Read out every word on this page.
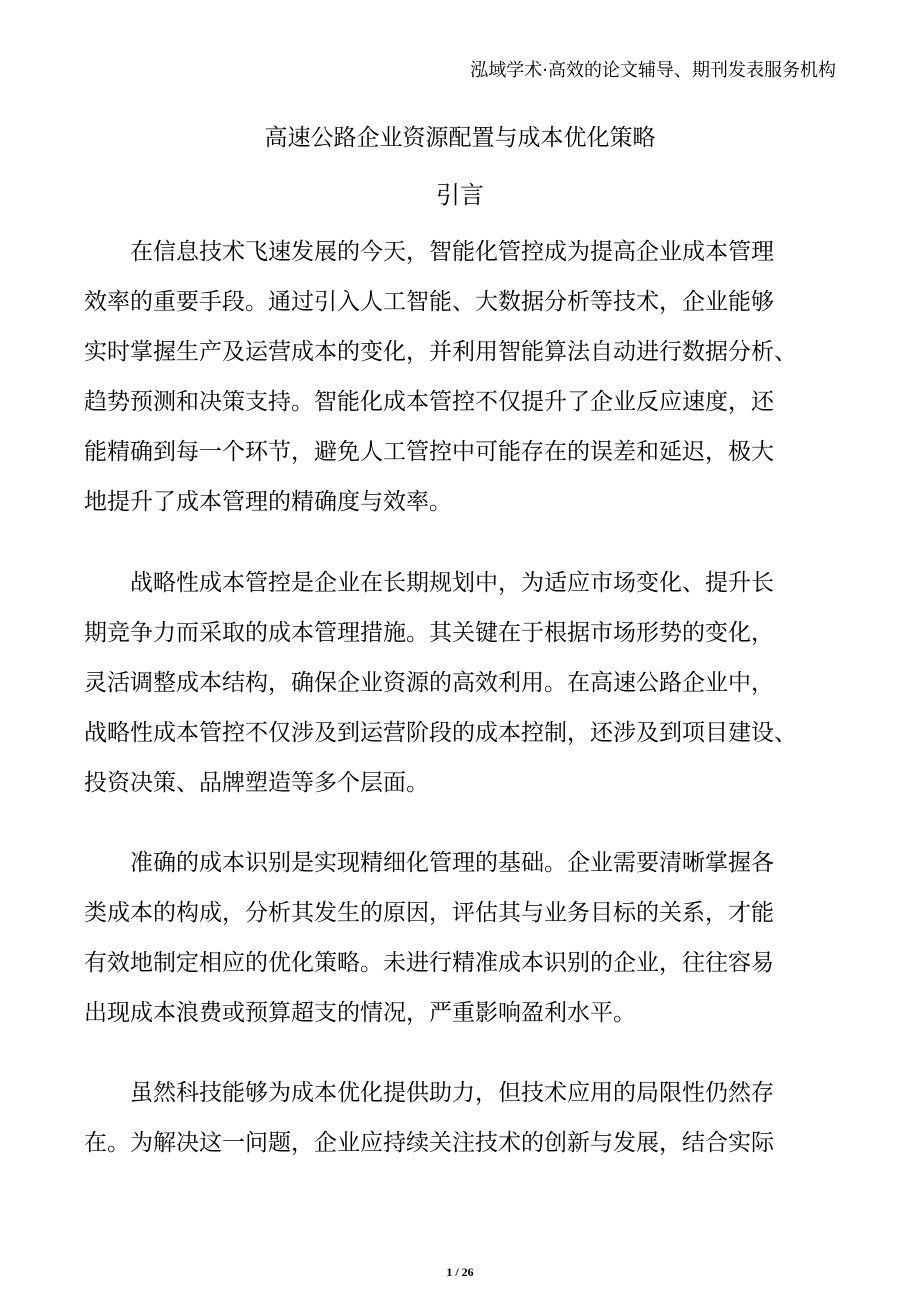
泓域学术·高效的论文辅导、期刊发表服务机构
高速公路企业资源配置与成本优化策略
引言
在信息技术飞速发展的今天，智能化管控成为提高企业成本管理
效率的重要手段。通过引入人工智能、大数据分析等技术，企业能够
实时掌握生产及运营成本的变化，并利用智能算法自动进行数据分析、
趋势预测和决策支持。智能化成本管控不仅提升了企业反应速度，还
能精确到每一个环节，避免人工管控中可能存在的误差和延迟，极大
地提升了成本管理的精确度与效率。
战略性成本管控是企业在长期规划中，为适应市场变化、提升长
期竞争力而采取的成本管理措施。其关键在于根据市场形势的变化，
灵活调整成本结构，确保企业资源的高效利用。在高速公路企业中，
战略性成本管控不仅涉及到运营阶段的成本控制，还涉及到项目建设、
投资决策、品牌塑造等多个层面。
准确的成本识别是实现精细化管理的基础。企业需要清晰掌握各
类成本的构成，分析其发生的原因，评估其与业务目标的关系，才能
有效地制定相应的优化策略。未进行精准成本识别的企业，往往容易
出现成本浪费或预算超支的情况，严重影响盈利水平。
虽然科技能够为成本优化提供助力，但技术应用的局限性仍然存
在。为解决这一问题，企业应持续关注技术的创新与发展，结合实际
1 / 26
